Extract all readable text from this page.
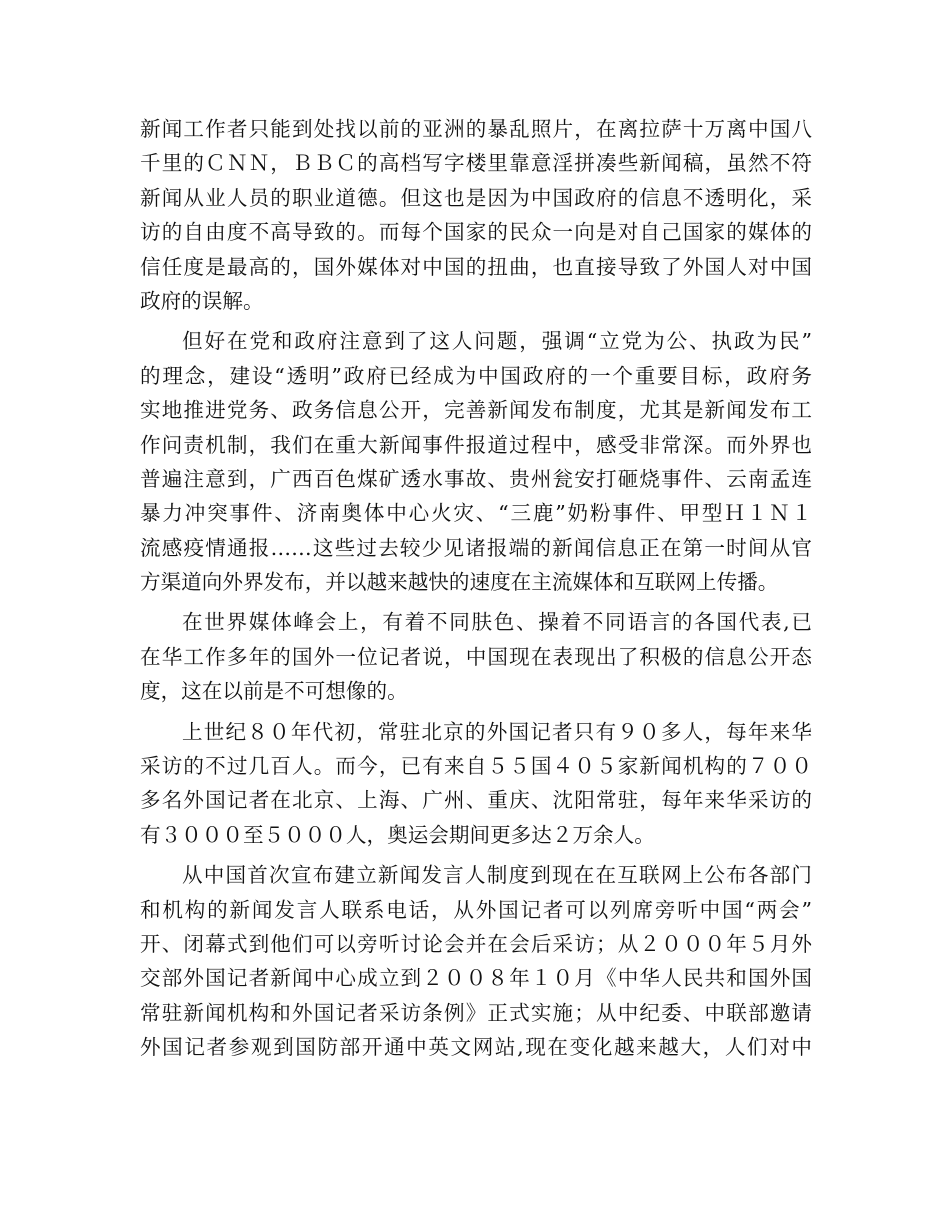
新闻工作者只能到处找以前的亚洲的暴乱照片，在离拉萨十万离中国八
千里的ＣＮＮ，ＢＢＣ的高档写字楼里靠意淫拼凑些新闻稿，虽然不符
新闻从业人员的职业道德。但这也是因为中国政府的信息不透明化，采
访的自由度不高导致的。而每个国家的民众一向是对自己国家的媒体的
信任度是最高的，国外媒体对中国的扭曲，也直接导致了外国人对中国
政府的误解。
但好在党和政府注意到了这人问题，强调“立党为公、执政为民”
的理念，建设“透明”政府已经成为中国政府的一个重要目标，政府务
实地推进党务、政务信息公开，完善新闻发布制度，尤其是新闻发布工
作问责机制，我们在重大新闻事件报道过程中，感受非常深。而外界也
普遍注意到，广西百色煤矿透水事故、贵州瓮安打砸烧事件、云南孟连
暴力冲突事件、济南奥体中心火灾、“三鹿”奶粉事件、甲型Ｈ１Ｎ１
流感疫情通报……这些过去较少见诸报端的新闻信息正在第一时间从官
方渠道向外界发布，并以越来越快的速度在主流媒体和互联网上传播。
在世界媒体峰会上，有着不同肤色、操着不同语言的各国代表,已
在华工作多年的国外一位记者说，中国现在表现出了积极的信息公开态
度，这在以前是不可想像的。
上世纪８０年代初，常驻北京的外国记者只有９０多人，每年来华
采访的不过几百人。而今，已有来自５５国４０５家新闻机构的７００
多名外国记者在北京、上海、广州、重庆、沈阳常驻，每年来华采访的
有３０００至５０００人，奥运会期间更多达２万余人。
从中国首次宣布建立新闻发言人制度到现在在互联网上公布各部门
和机构的新闻发言人联系电话，从外国记者可以列席旁听中国“两会”
开、闭幕式到他们可以旁听讨论会并在会后采访；从２０００年５月外
交部外国记者新闻中心成立到２００８年１０月《中华人民共和国外国
常驻新闻机构和外国记者采访条例》正式实施；从中纪委、中联部邀请
外国记者参观到国防部开通中英文网站,现在变化越来越大，人们对中
